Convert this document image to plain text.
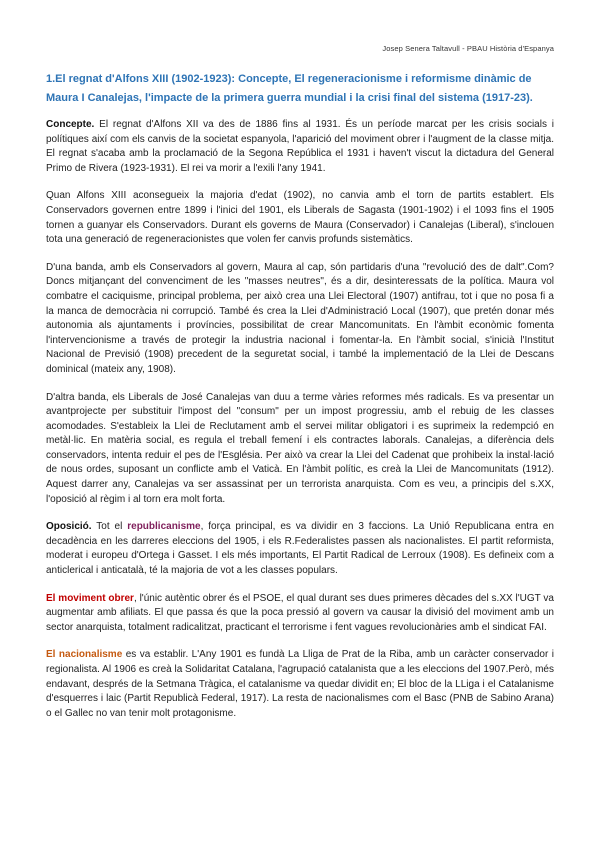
Josep Senera Taltavull - PBAU Història d'Espanya
1.El regnat d'Alfons XIII (1902-1923): Concepte, El regeneracionisme i reformisme dinàmic de Maura I Canalejas, l'impacte de la primera guerra mundial i la crisi final del sistema (1917-23).

Concepte. El regnat d'Alfons XII va des de 1886 fins al 1931. És un període marcat per les crisis socials i polítiques així com els canvis de la societat espanyola, l'aparició del moviment obrer i l'augment de la classe mitja. El regnat s'acaba amb la proclamació de la Segona República el 1931 i haven't viscut la dictadura del General Primo de Rivera (1923-1931). El rei va morir a l'exili l'any 1941.

Quan Alfons XIII aconsegueix la majoria d'edat (1902), no canvia amb el torn de partits establert. Els Conservadors governen entre 1899 i l'inici del 1901, els Liberals de Sagasta (1901-1902) i el 1093 fins el 1905 tornen a guanyar els Conservadors. Durant els governs de Maura (Conservador) i Canalejas (Liberal), s'inclouen tota una generació de regeneracionistes que volen fer canvis profunds sistemàtics.

D'una banda, amb els Conservadors al govern, Maura al cap, són partidaris d'una "revolució des de dalt".Com? Doncs mitjançant del convenciment de les "masses neutres", és a dir, desinteressats de la política. Maura vol combatre el caciquisme, principal problema, per això crea una Llei Electoral (1907) antifrau, tot i que no posa fi a la manca de democràcia ni corrupció. També és crea la Llei d'Administració Local (1907), que pretén donar més autonomia als ajuntaments i províncies, possibilitat de crear Mancomunitats. En l'àmbit econòmic fomenta l'intervencionisme a través de protegir la industria nacional i fomentar-la. En l'àmbit social, s'inicià l'Institut Nacional de Previsió (1908) precedent de la seguretat social, i també la implementació de la Llei de Descans dominical (mateix any, 1908).

D'altra banda, els Liberals de José Canalejas van duu a terme vàries reformes més radicals. Es va presentar un avantprojecte per substituir l'impost del "consum" per un impost progressiu, amb el rebuig de les classes acomodades. S'estableix la Llei de Reclutament amb el servei militar obligatori i es suprimeix la redempció en metàl·lic. En matèria social, es regula el treball femení i els contractes laborals. Canalejas, a diferència dels conservadors, intenta reduir el pes de l'Església. Per això va crear la Llei del Cadenat que prohibeix la instal·lació de nous ordes, suposant un conflicte amb el Vaticà. En l'àmbit polític, es creà la Llei de Mancomunitats (1912). Aquest darrer any, Canalejas va ser assassinat per un terrorista anarquista. Com es veu, a principis del s.XX, l'oposició al règim i al torn era molt forta.

Oposició. Tot el republicanisme, força principal, es va dividir en 3 faccions. La Unió Republicana entra en decadència en les darreres eleccions del 1905, i els R.Federalistes passen als nacionalistes. El partit reformista, moderat i europeu d'Ortega i Gasset. I els més importants, El Partit Radical de Lerroux (1908). Es defineix com a anticlerical i anticatalà, té la majoria de vot a les classes populars.

El moviment obrer, l'únic autèntic obrer és el PSOE, el qual durant ses dues primeres dècades del s.XX l'UGT va augmentar amb afiliats. El que passa és que la poca pressió al govern va causar la divisió del moviment amb un sector anarquista, totalment radicalitzat, practicant el terrorisme i fent vagues revolucionàries amb el sindicat FAI.

El nacionalisme es va establir. L'Any 1901 es fundà La Lliga de Prat de la Riba, amb un caràcter conservador i regionalista. Al 1906 es creà la Solidaritat Catalana, l'agrupació catalanista que a les eleccions del 1907.Però, més endavant, després de la Setmana Tràgica, el catalanisme va quedar dividit en; El bloc de la LLiga i el Catalanisme d'esquerres i laic (Partit Republicà Federal, 1917). La resta de nacionalismes com el Basc (PNB de Sabino Arana) o el Gallec no van tenir molt protagonisme.
